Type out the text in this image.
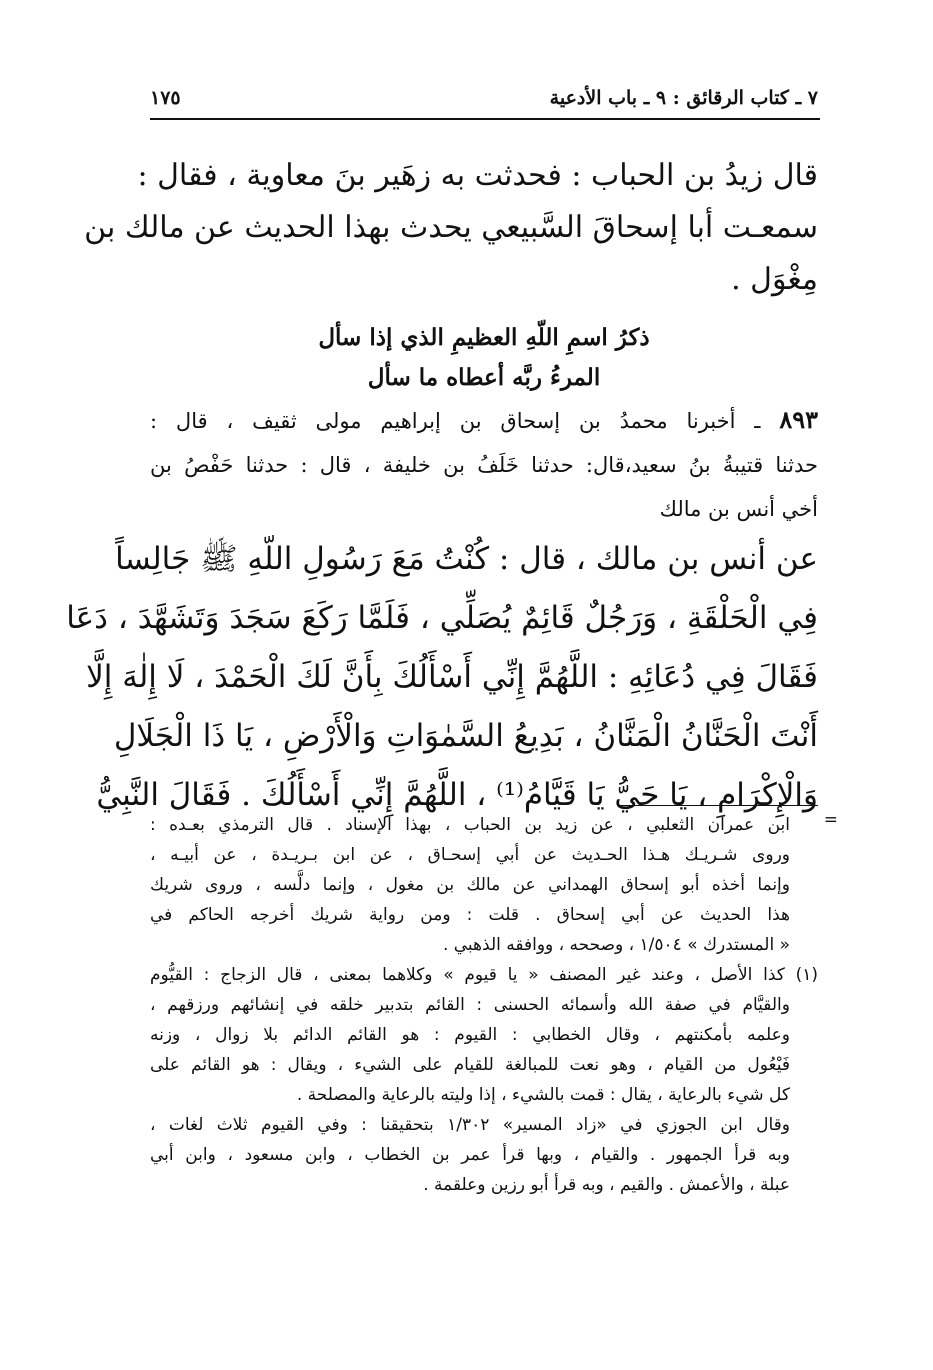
٧ ـ كتاب الرقائق : ٩ ـ باب الأدعية
١٧٥
قال زيدُ بن الحباب : فحدثت به زهَير بنَ معاوية ، فقال :
سمعـت أبا إسحاقَ السَّبيعي يحدث بهذا الحديث عن مالك بن
مِغْوَل .
ذكرُ اسمِ اللّهِ العظيمِ الذي إذا سأل
المرءُ ربَّه أعطاه ما سأل
٨٩٣ ـ أخبرنا محمدُ بن إسحاق بن إبراهيم مولى ثقيف ، قال :
حدثنا قتيبةُ بنُ سعيد،قال: حدثنا خَلَفُ بن خليفة ، قال : حدثنا حَفْصُ بن
أخي أنس بن مالك
عن أنس بن مالك ، قال : كُنْتُ مَعَ رَسُولِ اللّهِ ﷺ جَالِساً
فِي الْحَلْقَةِ ، وَرَجُلٌ قَائِمٌ يُصَلِّي ، فَلَمَّا رَكَعَ سَجَدَ وَتَشَهَّدَ ، دَعَا
فَقَالَ فِي دُعَائِهِ : اللَّهُمَّ إِنِّي أَسْأَلُكَ بِأَنَّ لَكَ الْحَمْدَ ، لَا إِلٰهَ إِلَّا
أَنْتَ الْحَنَّانُ الْمَنَّانُ ، بَدِيعُ السَّمٰوَاتِ وَالْأَرْضِ ، يَا ذَا الْجَلَالِ
وَالْإِكْرَامِ ، يَا حَيُّ يَا قَيَّامُ⁽¹⁾ ، اللَّهُمَّ إِنِّي أَسْأَلُكَ . فَقَالَ النَّبِيُّ
=
ابن عمران الثعلبي ، عن زيد بن الحباب ، بهذا الإسناد . قال الترمذي بعـده :
وروى شـريـك هـذا الحـديث عن أبي إسحـاق ، عن ابن بـريـدة ، عن أبيـه ،
وإنما أخذه أبو إسحاق الهمداني عن مالك بن مغول ، وإنما دلَّسه ، وروى شريك
هذا الحديث عن أبي إسحاق . قلت : ومن رواية شريك أخرجه الحاكم في
« المستدرك » ١/٥٠٤ ، وصححه ، ووافقه الذهبي .
(١) كذا الأصل ، وعند غير المصنف « يا قيوم » وكلاهما بمعنى ، قال الزجاج : القيُّوم
والقيَّام في صفة الله وأسمائه الحسنى : القائم بتدبير خلقه في إنشائهم ورزقهم ،
وعلمه بأمكنتهم ، وقال الخطابي : القيوم : هو القائم الدائم بلا زوال ، وزنه
فَيْعُول من القيام ، وهو نعت للمبالغة للقيام على الشيء ، ويقال : هو القائم على
كل شيء بالرعاية ، يقال : قمت بالشيء ، إذا وليته بالرعاية والمصلحة .
وقال ابن الجوزي في «زاد المسير» ١/٣٠٢ بتحقيقنا : وفي القيوم ثلاث لغات ،
وبه قرأ الجمهور . والقيام ، وبها قرأ عمر بن الخطاب ، وابن مسعود ، وابن أبي
عبلة ، والأعمش . والقيم ، وبه قرأ أبو رزين وعلقمة .
